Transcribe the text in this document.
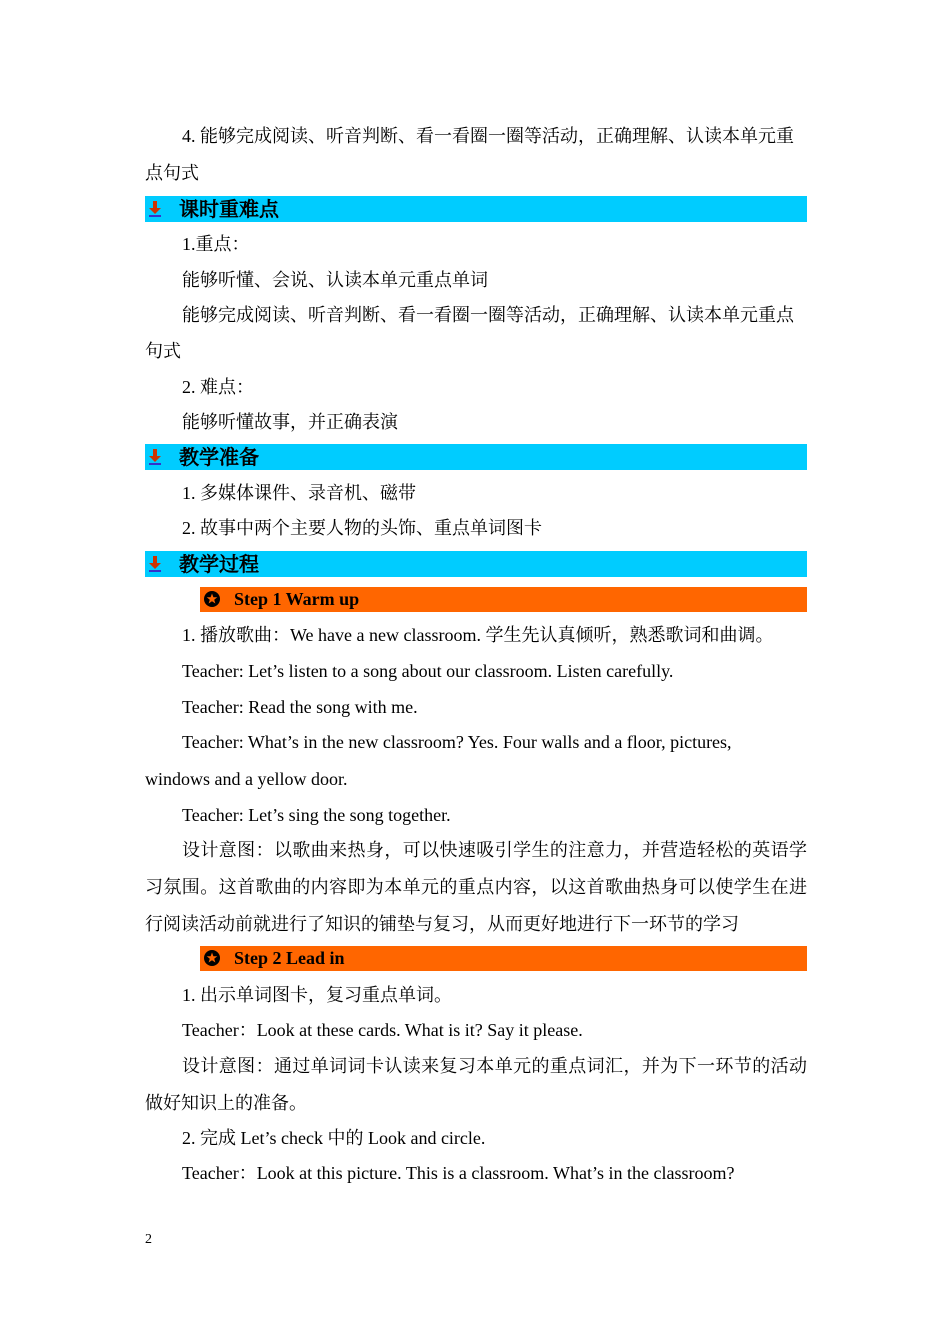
4. 能够完成阅读、听音判断、看一看圈一圈等活动，正确理解、认读本单元重
点句式
课时重难点
1.重点：
能够听懂、会说、认读本单元重点单词
能够完成阅读、听音判断、看一看圈一圈等活动，正确理解、认读本单元重点
句式
2. 难点：
能够听懂故事，并正确表演
教学准备
1. 多媒体课件、录音机、磁带
2. 故事中两个主要人物的头饰、重点单词图卡
教学过程
Step 1 Warm up
1. 播放歌曲：We have a new classroom. 学生先认真倾听，熟悉歌词和曲调。
Teacher: Let’s listen to a song about our classroom. Listen carefully.
Teacher: Read the song with me.
Teacher: What’s in the new classroom? Yes. Four walls and a floor, pictures,
windows and a yellow door.
Teacher: Let’s sing the song together.
设计意图：以歌曲来热身，可以快速吸引学生的注意力，并营造轻松的英语学习氛围。这首歌曲的内容即为本单元的重点内容，以这首歌曲热身可以使学生在进行阅读活动前就进行了知识的铺垫与复习，从而更好地进行下一环节的学习
Step 2 Lead in
1. 出示单词图卡，复习重点单词。
Teacher：Look at these cards. What is it? Say it please.
设计意图：通过单词词卡认读来复习本单元的重点词汇，并为下一环节的活动做好知识上的准备。
2. 完成 Let’s check 中的 Look and circle.
Teacher：Look at this picture. This is a classroom. What’s in the classroom?
2
